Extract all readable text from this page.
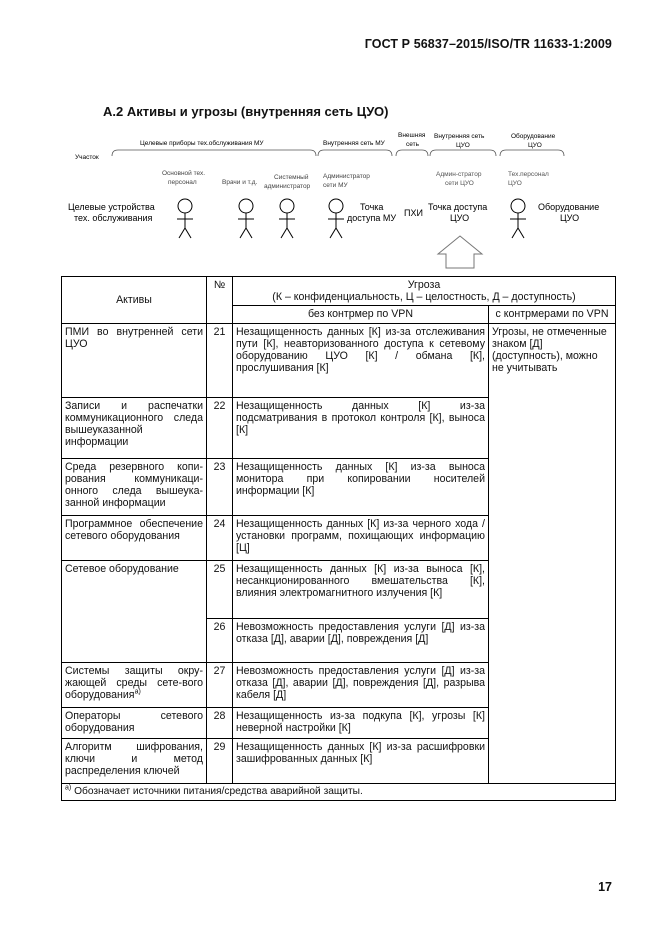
ГОСТ Р 56837–2015/ISO/TR 11633-1:2009
А.2 Активы и угрозы (внутренняя сеть ЦУО)
Участок
Целевые приборы тех.обслуживания МУ	Внутренняя сеть МУ
Внешняя
сеть
Внутренняя сеть
ЦУО
Оборудование
ЦУО
Основной тех.
персонал	Врачи и т.д.
Системный
администратор
Администратор
сети МУ
Админ-стратор
сети ЦУО
Тех.персонал
ЦУО
Целевые устройства
тех. обслуживания
Точка
доступа МУ ПХИ
Точка доступа
ЦУО
Оборудование
ЦУО
Активы	№	Угроза
(К – конфиденциальность, Ц – целостность, Д – доступность)	

		без контрмер по VPN	с контрмерами по VPN
ПМИ во внутренней сети ЦУО	21	Незащищенность данных [К] из-за отслеживания пути [К], неавторизованного доступа к сетевому оборудованию ЦУО [К] / обмана [К], прослушивания [К]	Угрозы, не отмеченные знаком [Д] (доступность), можно не учитывать
Записи и распечатки коммуникационного следа вышеуказанной информации	22	Незащищенность данных [К] из-за подсматривания в протокол контроля [К], выноса [К]	
Среда резервного копи-рования коммуникаци-онного следа вышеука-занной информации	23	Незащищенность данных [К] из-за выноса монитора при копировании носителей информации [К]	
Программное обеспечение сетевого оборудования	24	Незащищенность данных [К] из-за черного хода / установки программ, похищающих информацию [Ц]	
Сетевое оборудование	25	Незащищенность данных [К] из-за выноса [К], несанкционированного вмешательства [К], влияния электромагнитного излучения [К]	
	26	Невозможность предоставления услуги [Д] из-за отказа [Д], аварии [Д], повреждения [Д]	
Системы защиты окру-жающей среды сете-вого оборудования$^{а)}$	27	Невозможность предоставления услуги [Д] из-за отказа [Д], аварии [Д], повреждения [Д], разрыва кабеля [Д]	
Операторы сетевого оборудования	28	Незащищенность из-за подкупа [К], угрозы [К] неверной настройки [К]	
Алгоритм шифрования, ключи и метод распределения ключей	29	Незащищенность данных [К] из-за расшифровки зашифрованных данных [К]	
$^{а)}$ Обозначает источники питания/средства аварийной защиты.			
17
